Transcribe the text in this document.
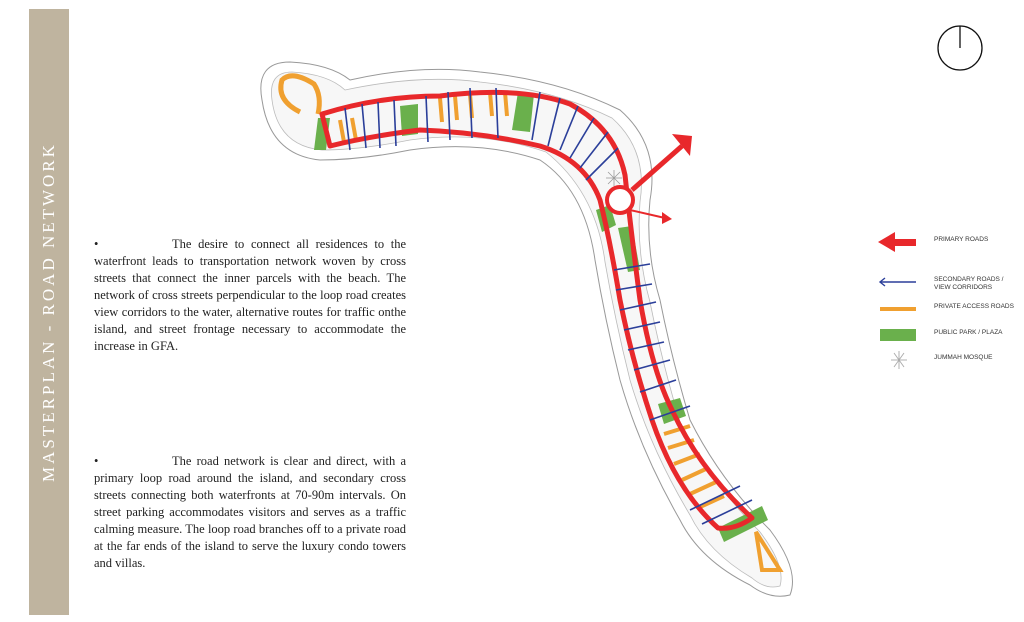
MASTERPLAN - ROAD NETWORK	•	The desire to connect all residences to the waterfront leads to transportation network woven by cross streets that connect the inner parcels with the beach. The network of cross streets perpendicular to the loop road creates view corridors to the water, alternative routes for traffic onthe island, and street frontage necessary to accommodate the increase in GFA.
•	The road network is clear and direct, with a primary loop road around the island, and secondary cross streets connecting both waterfronts at 70-90m intervals. On street parking accommodates visitors and serves as a traffic calming measure. The loop road branches off to a private road at the far ends of the island to serve the luxury condo towers and villas.
PRIMARY ROADS
SECONDARY ROADS / VIEW CORRIDORS
PRIVATE ACCESS ROADS
PUBLIC PARK / PLAZA
JUMMAH MOSQUE
